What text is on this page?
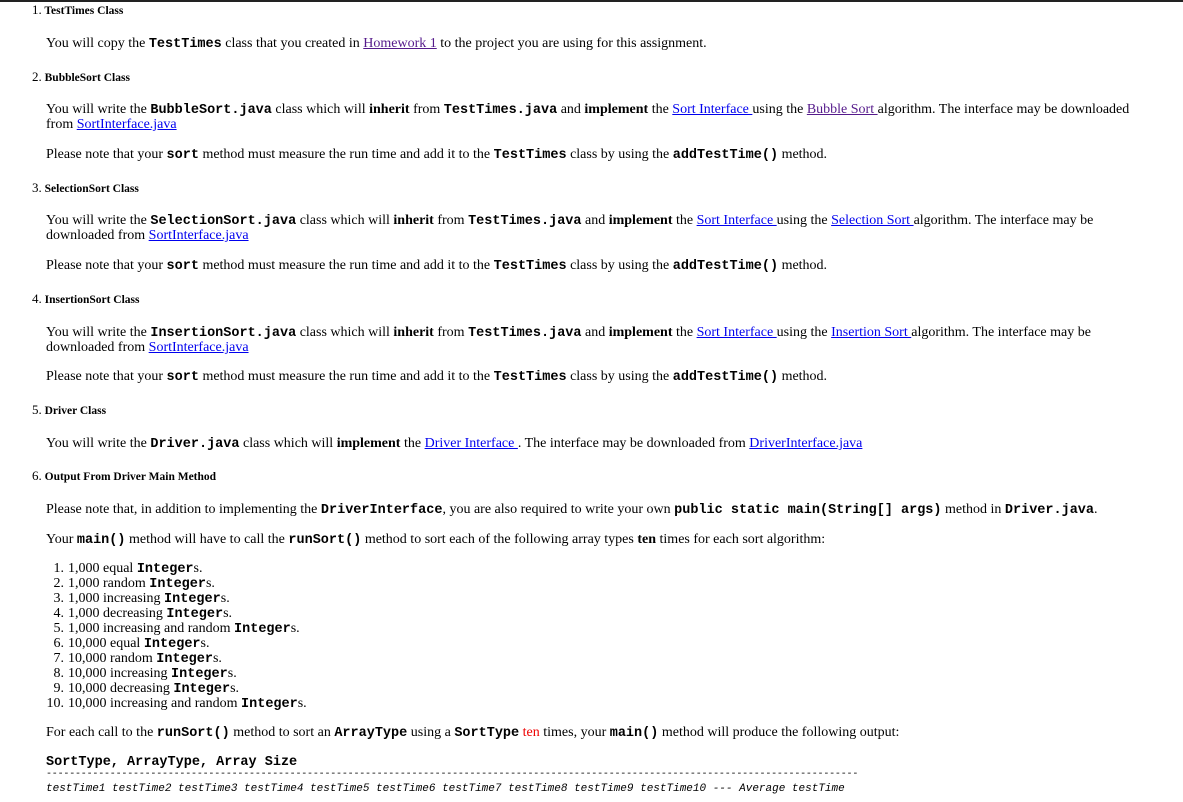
1. TestTimes Class
You will copy the TestTimes class that you created in Homework 1 to the project you are using for this assignment.
2. BubbleSort Class
You will write the BubbleSort.java class which will inherit from TestTimes.java and implement the Sort Interface using the Bubble Sort algorithm. The interface may be downloaded
from SortInterface.java
Please note that your sort method must measure the run time and add it to the TestTimes class by using the addTestTime() method.
3. SelectionSort Class
You will write the SelectionSort.java class which will inherit from TestTimes.java and implement the Sort Interface using the Selection Sort algorithm. The interface may be
downloaded from SortInterface.java
Please note that your sort method must measure the run time and add it to the TestTimes class by using the addTestTime() method.
4. InsertionSort Class
You will write the InsertionSort.java class which will inherit from TestTimes.java and implement the Sort Interface using the Insertion Sort algorithm. The interface may be
downloaded from SortInterface.java
Please note that your sort method must measure the run time and add it to the TestTimes class by using the addTestTime() method.
5. Driver Class
You will write the Driver.java class which will implement the Driver Interface . The interface may be downloaded from DriverInterface.java
6. Output From Driver Main Method
Please note that, in addition to implementing the DriverInterface, you are also required to write your own public static main(String[] args) method in Driver.java.
Your main() method will have to call the runSort() method to sort each of the following array types ten times for each sort algorithm:
1. 1,000 equal Integers.
2. 1,000 random Integers.
3. 1,000 increasing Integers.
4. 1,000 decreasing Integers.
5. 1,000 increasing and random Integers.
6. 10,000 equal Integers.
7. 10,000 random Integers.
8. 10,000 increasing Integers.
9. 10,000 decreasing Integers.
10. 10,000 increasing and random Integers.
For each call to the runSort() method to sort an ArrayType using a SortType ten times, your main() method will produce the following output:
SortType, ArrayType, Array Size
--------------------------------------------------------------------------------------------------------------------------------------------
testTime1 testTime2 testTime3 testTime4 testTime5 testTime6 testTime7 testTime8 testTime9 testTime10 --- Average testTime
